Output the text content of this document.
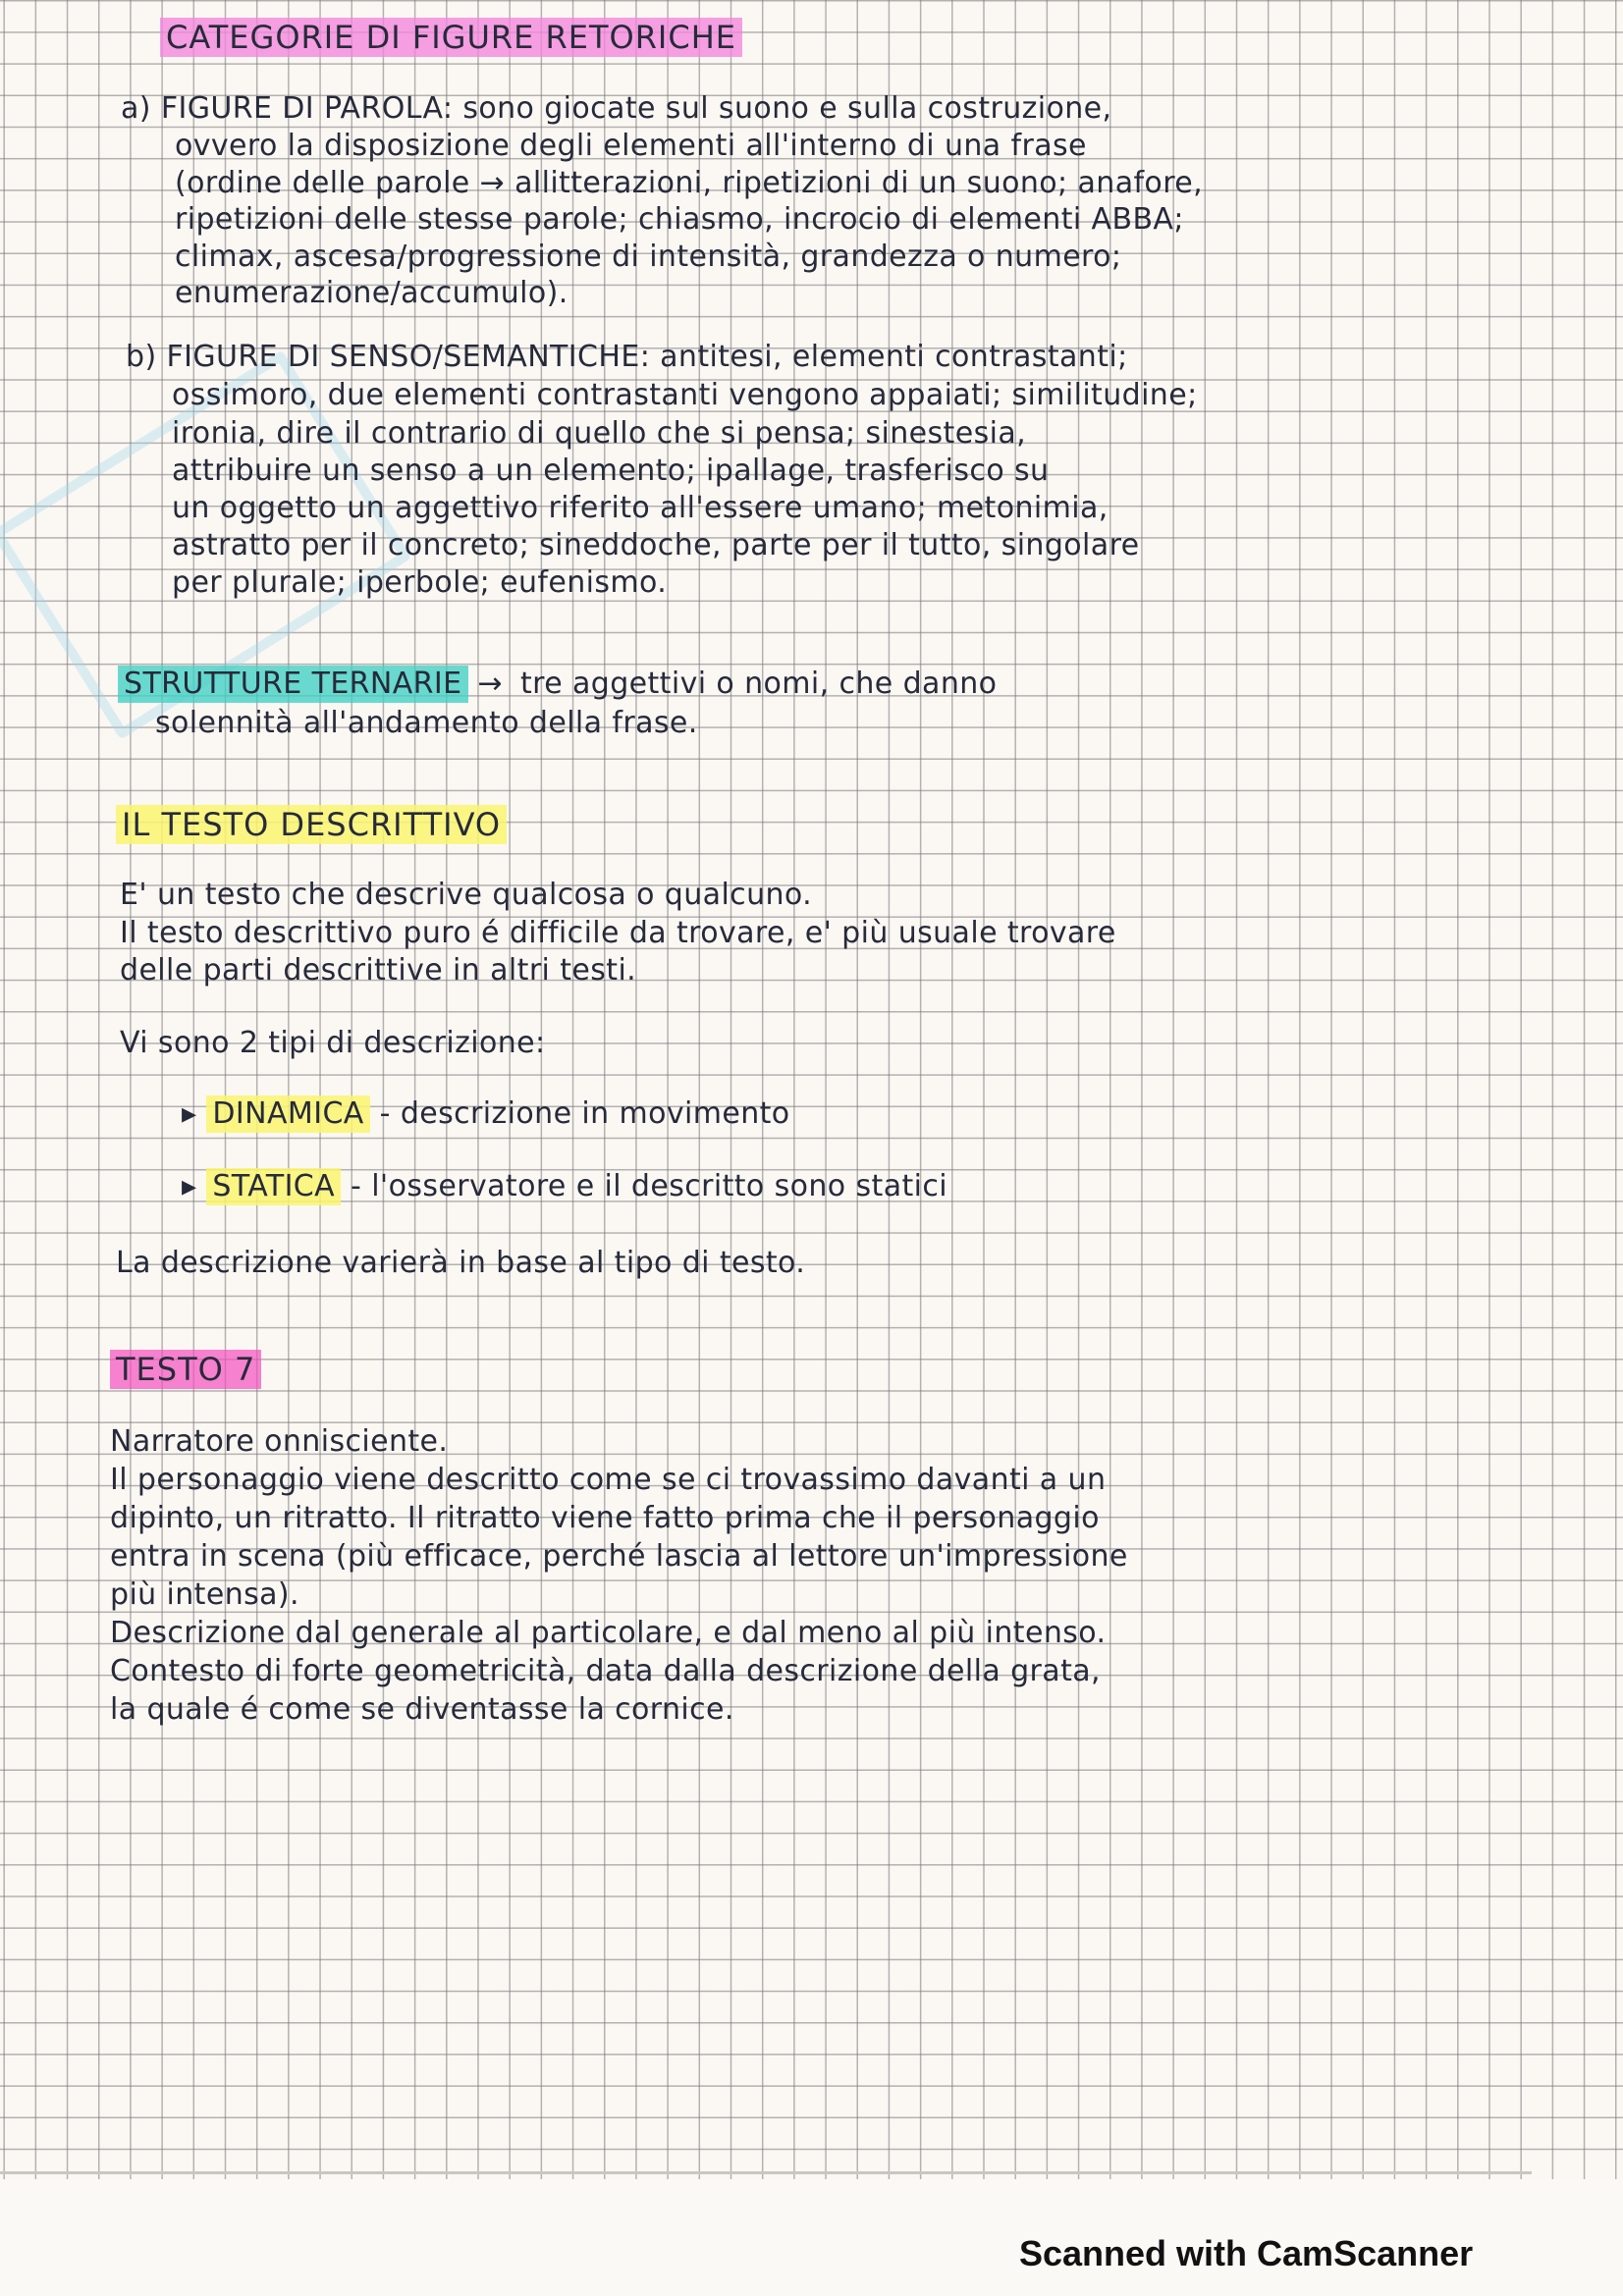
CATEGORIE DI FIGURE RETORICHE
a) FIGURE DI PAROLA: sono giocate sul suono e sulla costruzione,
ovvero la disposizione degli elementi all'interno di una frase
(ordine delle parole → allitterazioni, ripetizioni di un suono; anafore,
ripetizioni delle stesse parole; chiasmo, incrocio di elementi ABBA;
climax, ascesa/progressione di intensità, grandezza o numero;
enumerazione/accumulo).
b) FIGURE DI SENSO/SEMANTICHE: antitesi, elementi contrastanti;
ossimoro, due elementi contrastanti vengono appaiati; similitudine;
ironia, dire il contrario di quello che si pensa; sinestesia,
attribuire un senso a un elemento; ipallage, trasferisco su
un oggetto un aggettivo riferito all'essere umano; metonimia,
astratto per il concreto; sineddoche, parte per il tutto, singolare
per plurale; iperbole; eufenismo.
STRUTTURE TERNARIE → tre aggettivi o nomi, che danno
solennità all'andamento della frase.
IL TESTO DESCRITTIVO
E' un testo che descrive qualcosa o qualcuno.
Il testo descrittivo puro é difficile da trovare, e' più usuale trovare
delle parti descrittive in altri testi.
Vi sono 2 tipi di descrizione:
▸ DINAMICA - descrizione in movimento
▸ STATICA - l'osservatore e il descritto sono statici
La descrizione varierà in base al tipo di testo.
TESTO 7
Narratore onnisciente.
Il personaggio viene descritto come se ci trovassimo davanti a un
dipinto, un ritratto. Il ritratto viene fatto prima che il personaggio
entra in scena (più efficace, perché lascia al lettore un'impressione
più intensa).
Descrizione dal generale al particolare, e dal meno al più intenso.
Contesto di forte geometricità, data dalla descrizione della grata,
la quale é come se diventasse la cornice.
Scanned with CamScanner
